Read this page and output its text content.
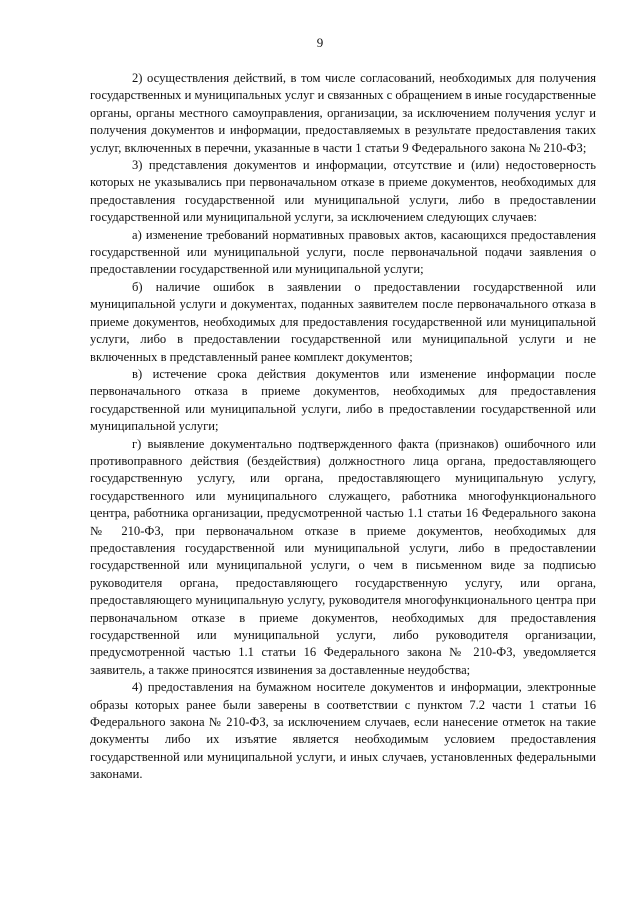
9

2) осуществления действий, в том числе согласований, необходимых для получения государственных и муниципальных услуг и связанных с обращением в иные государственные органы, органы местного самоуправления, организации, за исключением получения услуг и получения документов и информации, предоставляемых в результате предоставления таких услуг, включенных в перечни, указанные в части 1 статьи 9 Федерального закона № 210-ФЗ;

3) представления документов и информации, отсутствие и (или) недостоверность которых не указывались при первоначальном отказе в приеме документов, необходимых для предоставления государственной или муниципальной услуги, либо в предоставлении государственной или муниципальной услуги, за исключением следующих случаев:

а) изменение требований нормативных правовых актов, касающихся предоставления государственной или муниципальной услуги, после первоначальной подачи заявления о предоставлении государственной или муниципальной услуги;

б) наличие ошибок в заявлении о предоставлении государственной или муниципальной услуги и документах, поданных заявителем после первоначального отказа в приеме документов, необходимых для предоставления государственной или муниципальной услуги, либо в предоставлении государственной или муниципальной услуги и не включенных в представленный ранее комплект документов;

в) истечение срока действия документов или изменение информации после первоначального отказа в приеме документов, необходимых для предоставления государственной или муниципальной услуги, либо в предоставлении государственной или муниципальной услуги;

г) выявление документально подтвержденного факта (признаков) ошибочного или противоправного действия (бездействия) должностного лица органа, предоставляющего государственную услугу, или органа, предоставляющего муниципальную услугу, государственного или муниципального служащего, работника многофункционального центра, работника организации, предусмотренной частью 1.1 статьи 16 Федерального закона № 210-ФЗ, при первоначальном отказе в приеме документов, необходимых для предоставления государственной или муниципальной услуги, либо в предоставлении государственной или муниципальной услуги, о чем в письменном виде за подписью руководителя органа, предоставляющего государственную услугу, или органа, предоставляющего муниципальную услугу, руководителя многофункционального центра при первоначальном отказе в приеме документов, необходимых для предоставления государственной или муниципальной услуги, либо руководителя организации, предусмотренной частью 1.1 статьи 16 Федерального закона № 210-ФЗ, уведомляется заявитель, а также приносятся извинения за доставленные неудобства;

4) предоставления на бумажном носителе документов и информации, электронные образы которых ранее были заверены в соответствии с пунктом 7.2 части 1 статьи 16 Федерального закона № 210-ФЗ, за исключением случаев, если нанесение отметок на такие документы либо их изъятие является необходимым условием предоставления государственной или муниципальной услуги, и иных случаев, установленных федеральными законами.
